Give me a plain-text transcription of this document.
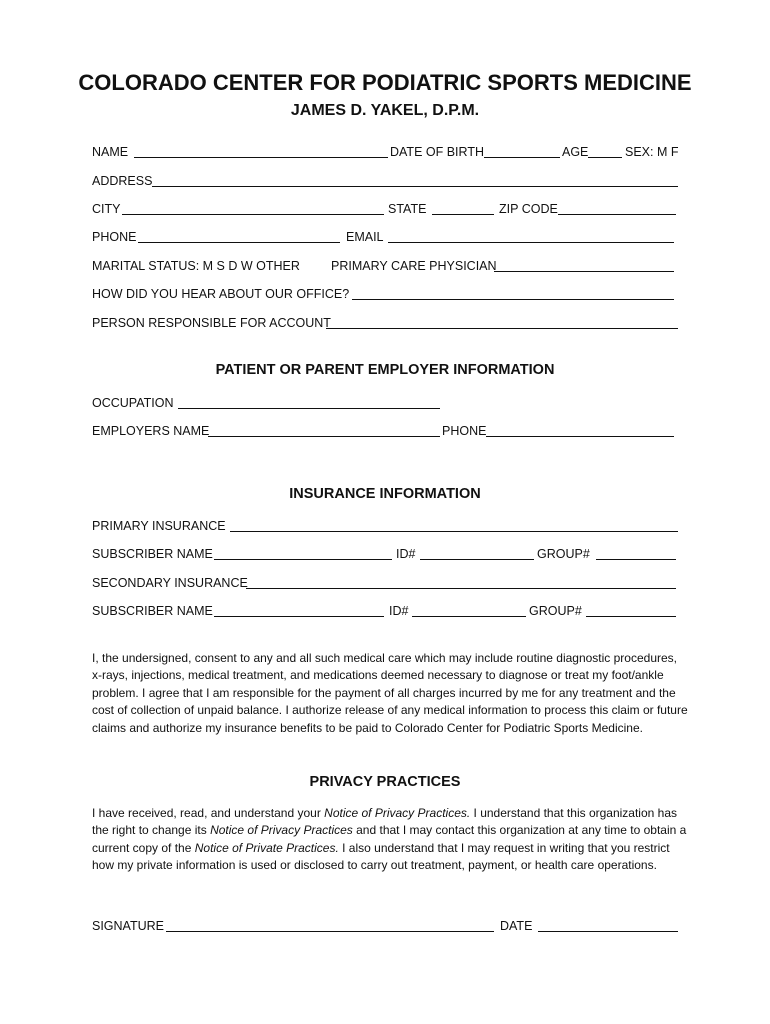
COLORADO CENTER FOR PODIATRIC SPORTS MEDICINE
JAMES D. YAKEL, D.P.M.
NAME	DATE OF BIRTH	AGE	SEX: M F
ADDRESS
CITY	STATE	ZIP CODE
PHONE	EMAIL
MARITAL STATUS: M S D W OTHER PRIMARY CARE PHYSICIAN
HOW DID YOU HEAR ABOUT OUR OFFICE?
PERSON RESPONSIBLE FOR ACCOUNT
PATIENT OR PARENT EMPLOYER INFORMATION
OCCUPATION
EMPLOYERS NAME	PHONE
INSURANCE INFORMATION
PRIMARY INSURANCE
SUBSCRIBER NAME	ID#	GROUP#
SECONDARY INSURANCE
SUBSCRIBER NAME	ID#	GROUP#
I, the undersigned, consent to any and all such medical care which may include routine diagnostic procedures, x-rays, injections, medical treatment, and medications deemed necessary to diagnose or treat my foot/ankle problem. I agree that I am responsible for the payment of all charges incurred by me for any treatment and the cost of collection of unpaid balance. I authorize release of any medical information to process this claim or future claims and authorize my insurance benefits to be paid to Colorado Center for Podiatric Sports Medicine.
PRIVACY PRACTICES
I have received, read, and understand your Notice of Privacy Practices. I understand that this organization has the right to change its Notice of Privacy Practices and that I may contact this organization at any time to obtain a current copy of the Notice of Private Practices. I also understand that I may request in writing that you restrict how my private information is used or disclosed to carry out treatment, payment, or health care operations.
SIGNATURE	DATE
